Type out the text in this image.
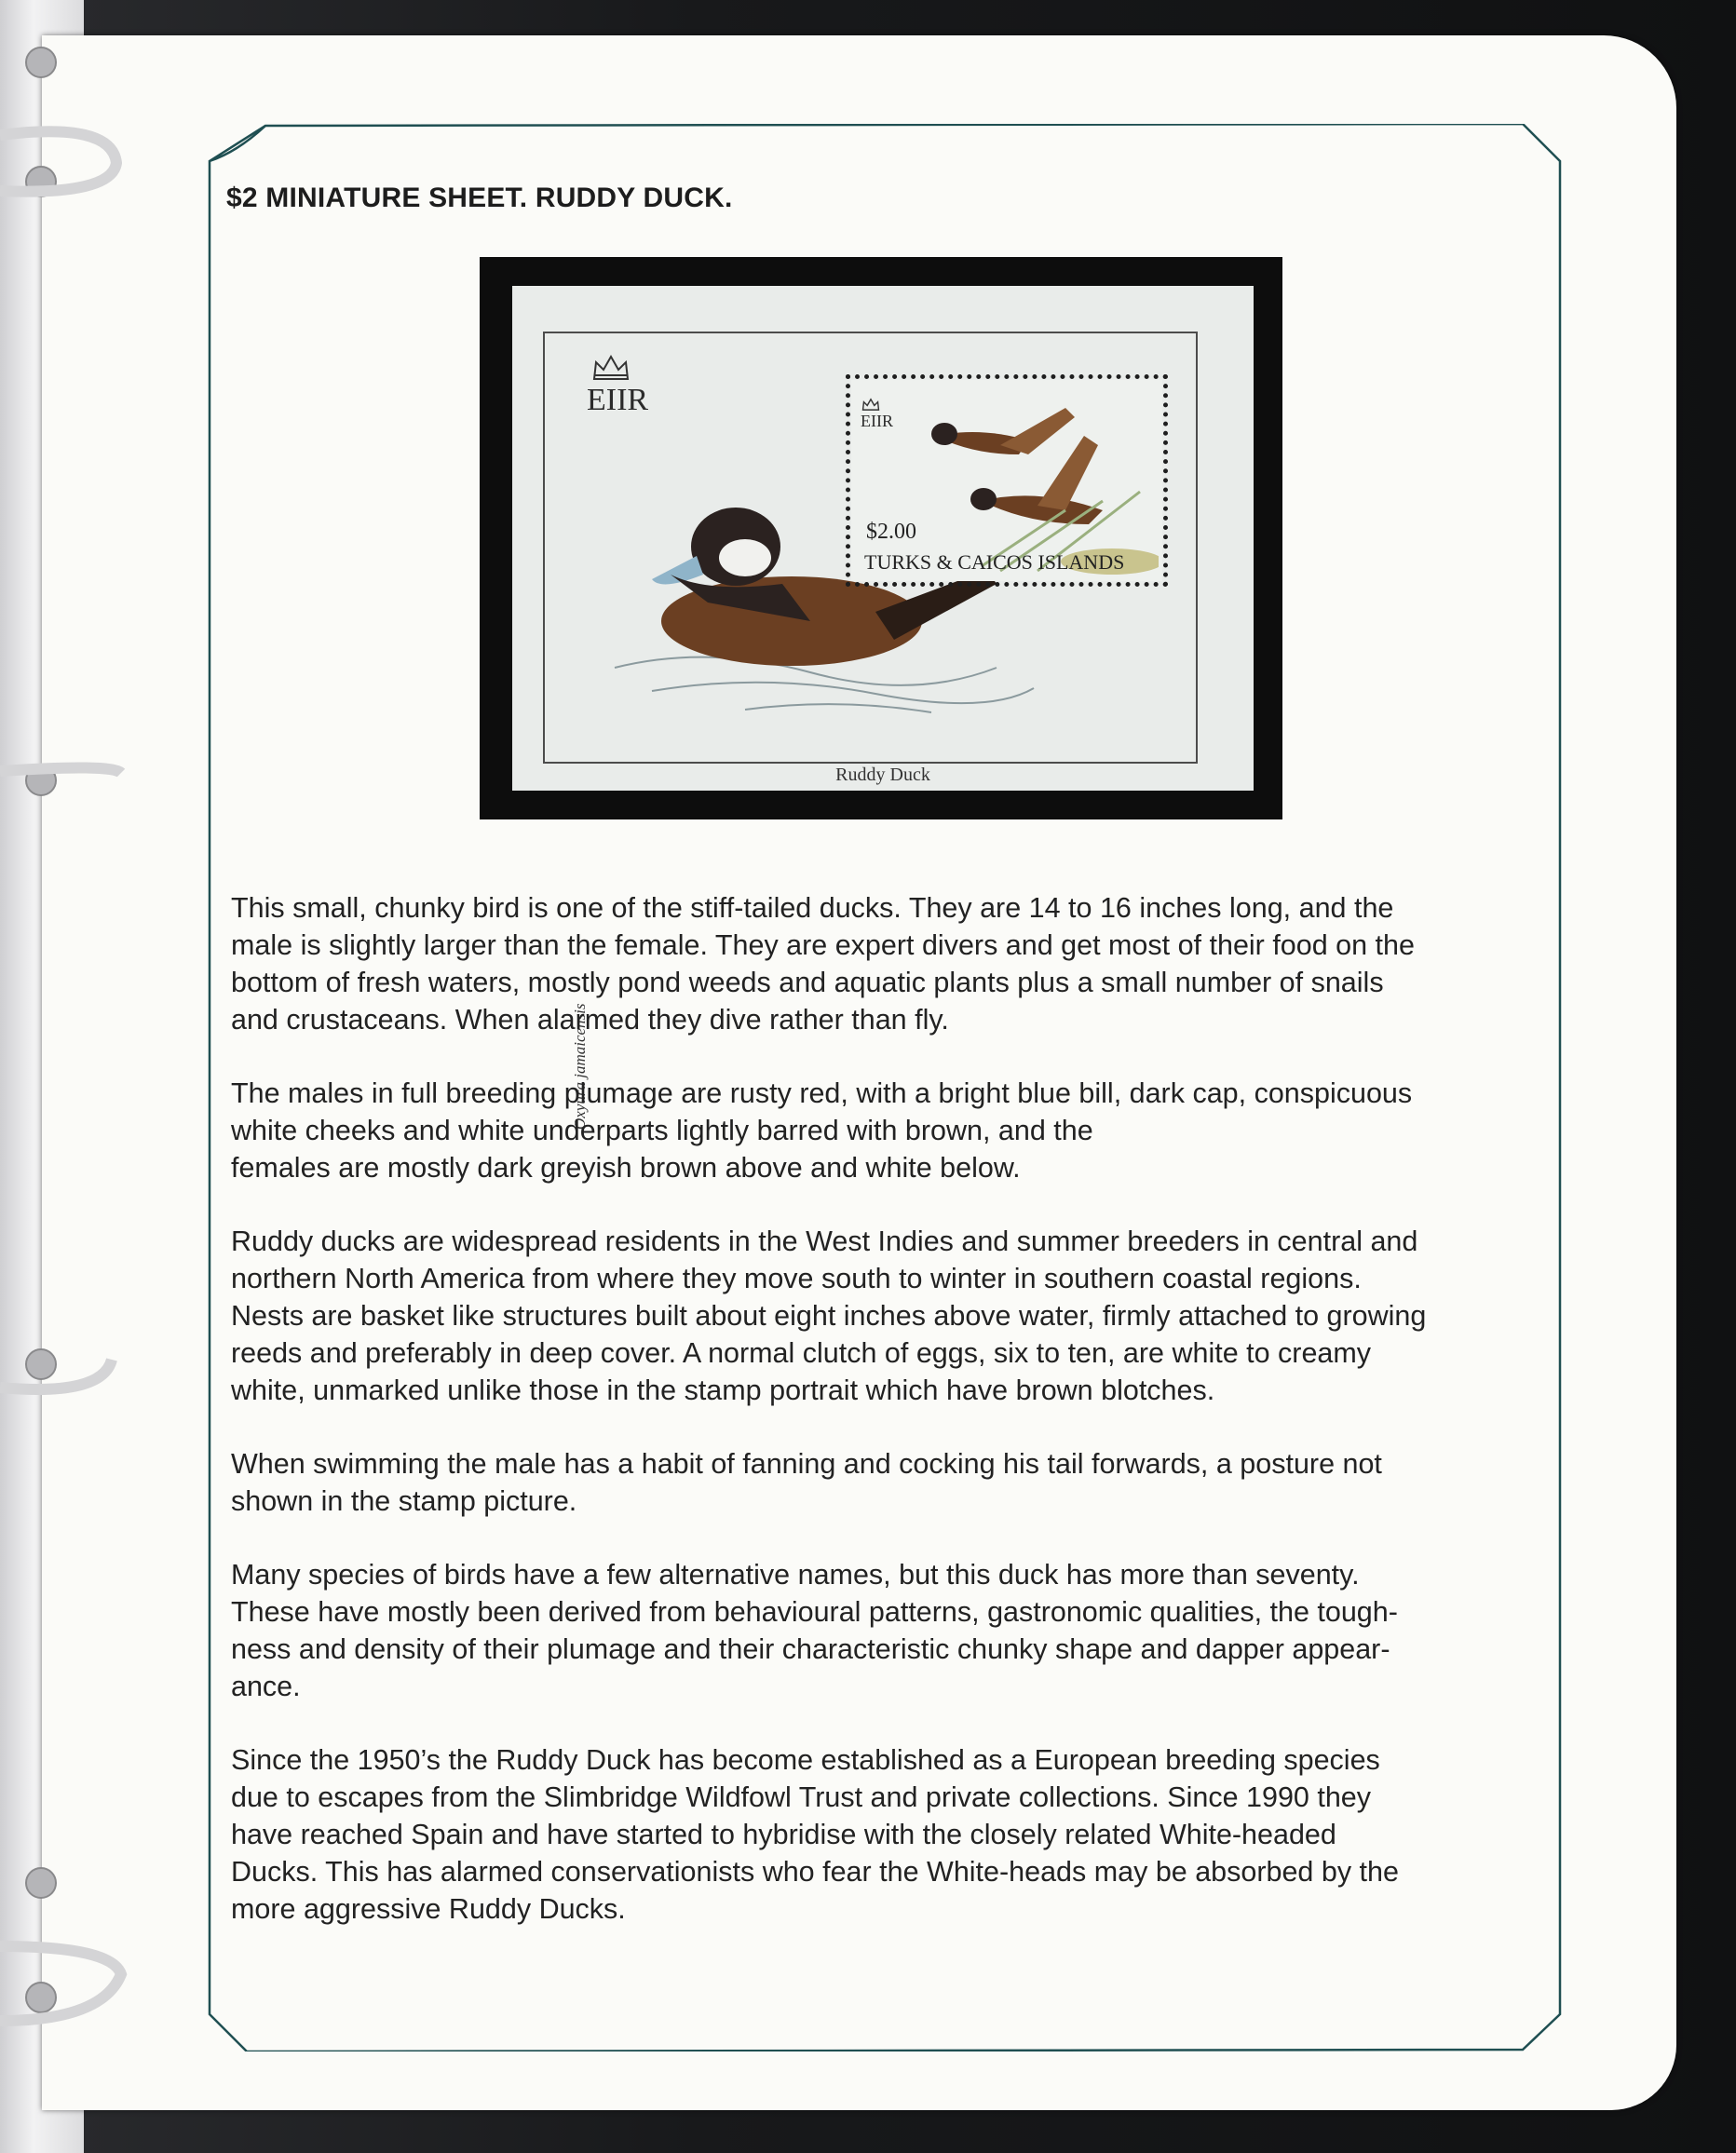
$2 MINIATURE SHEET. RUDDY DUCK.
EIIR
Oxyura jamaicensis
EIIR
$2.00
TURKS & CAICOS ISLANDS
Ruddy Duck

This small, chunky bird is one of the stiff-tailed ducks. They are 14 to 16 inches long, and the
male is slightly larger than the female. They are expert divers and get most of their food on the
bottom of fresh waters, mostly pond weeds and aquatic plants plus a small number of snails
and crustaceans. When alarmed they dive rather than fly.

The males in full breeding plumage are rusty red, with a bright blue bill, dark cap, conspicuous
white cheeks and white underparts lightly barred with brown, and the
females are mostly dark greyish brown above and white below.

Ruddy ducks are widespread residents in the West Indies and summer breeders in central and
northern North America from where they move south to winter in southern coastal regions.
Nests are basket like structures built about eight inches above water, firmly attached to growing
reeds and preferably in deep cover. A normal clutch of eggs, six to ten, are white to creamy
white, unmarked unlike those in the stamp portrait which have brown blotches.

When swimming the male has a habit of fanning and cocking his tail forwards, a posture not
shown in the stamp picture.

Many species of birds have a few alternative names, but this duck has more than seventy.
These have mostly been derived from behavioural patterns, gastronomic qualities, the tough-
ness and density of their plumage and their characteristic chunky shape and dapper appear-
ance.

Since the 1950’s the Ruddy Duck has become established as a European breeding species
due to escapes from the Slimbridge Wildfowl Trust and private collections. Since 1990 they
have reached Spain and have started to hybridise with the closely related White-headed
Ducks. This has alarmed conservationists who fear the White-heads may be absorbed by the
more aggressive Ruddy Ducks.
